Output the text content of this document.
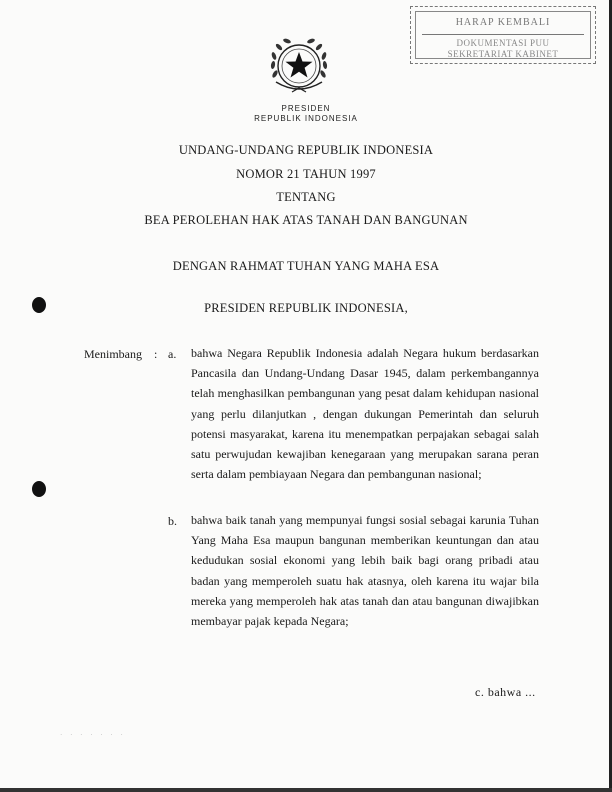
HARAP KEMBALI
DOKUMENTASI PUU
SEKRETARIAT KABINET
PRESIDEN
REPUBLIK INDONESIA
UNDANG-UNDANG REPUBLIK INDONESIA
NOMOR 21 TAHUN 1997
TENTANG
BEA PEROLEHAN HAK ATAS TANAH DAN BANGUNAN
DENGAN RAHMAT TUHAN YANG MAHA ESA
PRESIDEN REPUBLIK INDONESIA,
Menimbang : a. bahwa Negara Republik Indonesia adalah Negara hukum berdasarkan Pancasila dan Undang-Undang Dasar 1945, dalam perkembangannya telah menghasilkan pembangunan yang pesat dalam kehidupan nasional yang perlu dilanjutkan , dengan dukungan Pemerintah dan seluruh potensi masyarakat, karena itu menempatkan perpajakan sebagai salah satu perwujudan kewajiban kenegaraan yang merupakan sarana peran serta dalam pembiayaan Negara dan pembangunan nasional;
b. bahwa baik tanah yang mempunyai fungsi sosial sebagai karunia Tuhan Yang Maha Esa maupun bangunan memberikan keuntungan dan atau kedudukan sosial ekonomi yang lebih baik bagi orang pribadi atau badan yang memperoleh suatu hak atasnya, oleh karena itu wajar bila mereka yang memperoleh hak atas tanah dan atau bangunan diwajibkan membayar pajak kepada Negara;
c. bahwa ...
· · · · · · ·
